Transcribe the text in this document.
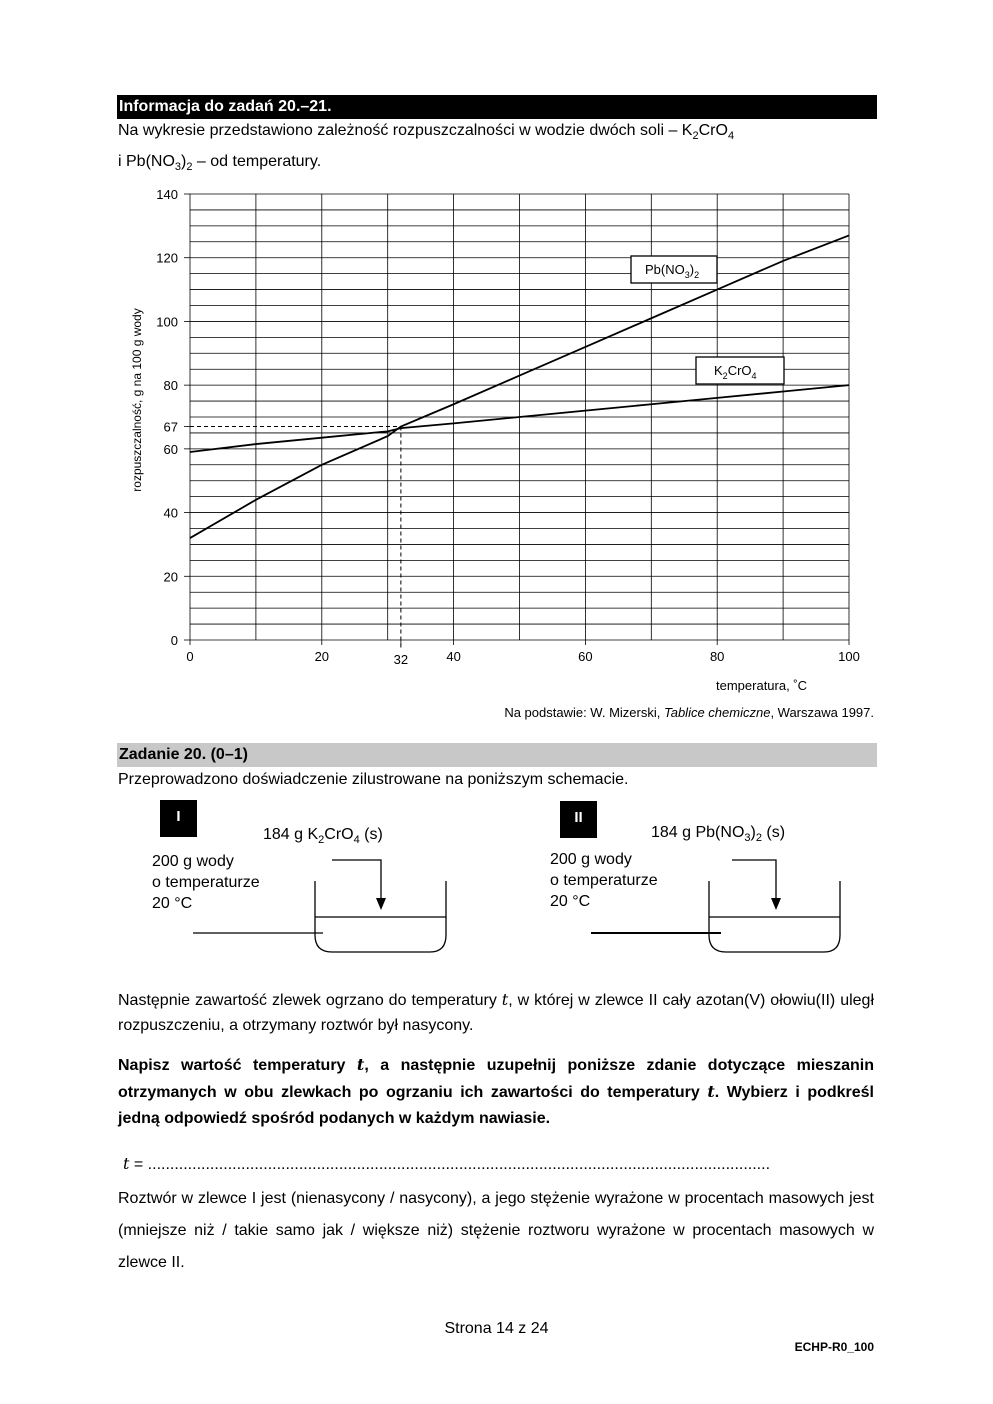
Informacja do zadań 20.–21.
Na wykresie przedstawiono zależność rozpuszczalności w wodzie dwóch soli – $K_2CrO_4$
i $Pb(NO_3)_2$ – od temperatury.
0
20
40
60
67
80
100
120
140
0	20	32	40	60	80	100
rozpuszczalność, g na 100 g wody
temperatura, ˚C
$Pb(NO_3)_2$
$K_2CrO_4$
Na podstawie: W. Mizerski, Tablice chemiczne, Warszawa 1997.
Zadanie 20. (0–1)
Przeprowadzono doświadczenie zilustrowane na poniższym schemacie.
I
184 g $K_2CrO_4$ (s)
200 g wody
o temperaturze
20 °C
II
184 g $Pb(NO_3)_2$ (s)
200 g wody
o temperaturze
20 °C
Następnie zawartość zlewek ogrzano do temperatury t, w której w zlewce II cały azotan(V) ołowiu(II) uległ rozpuszczeniu, a otrzymany roztwór był nasycony.
Napisz wartość temperatury t, a następnie uzupełnij poniższe zdanie dotyczące mieszanin otrzymanych w obu zlewkach po ogrzaniu ich zawartości do temperatury t. Wybierz i podkreśl jedną odpowiedź spośród podanych w każdym nawiasie.
t = ............................................................................................................................................
Roztwór w zlewce I jest (nienasycony / nasycony), a jego stężenie wyrażone w procentach masowych jest (mniejsze niż / takie samo jak / większe niż) stężenie roztworu wyrażone w procentach masowych w zlewce II.
Strona 14 z 24
ECHP-R0_100
